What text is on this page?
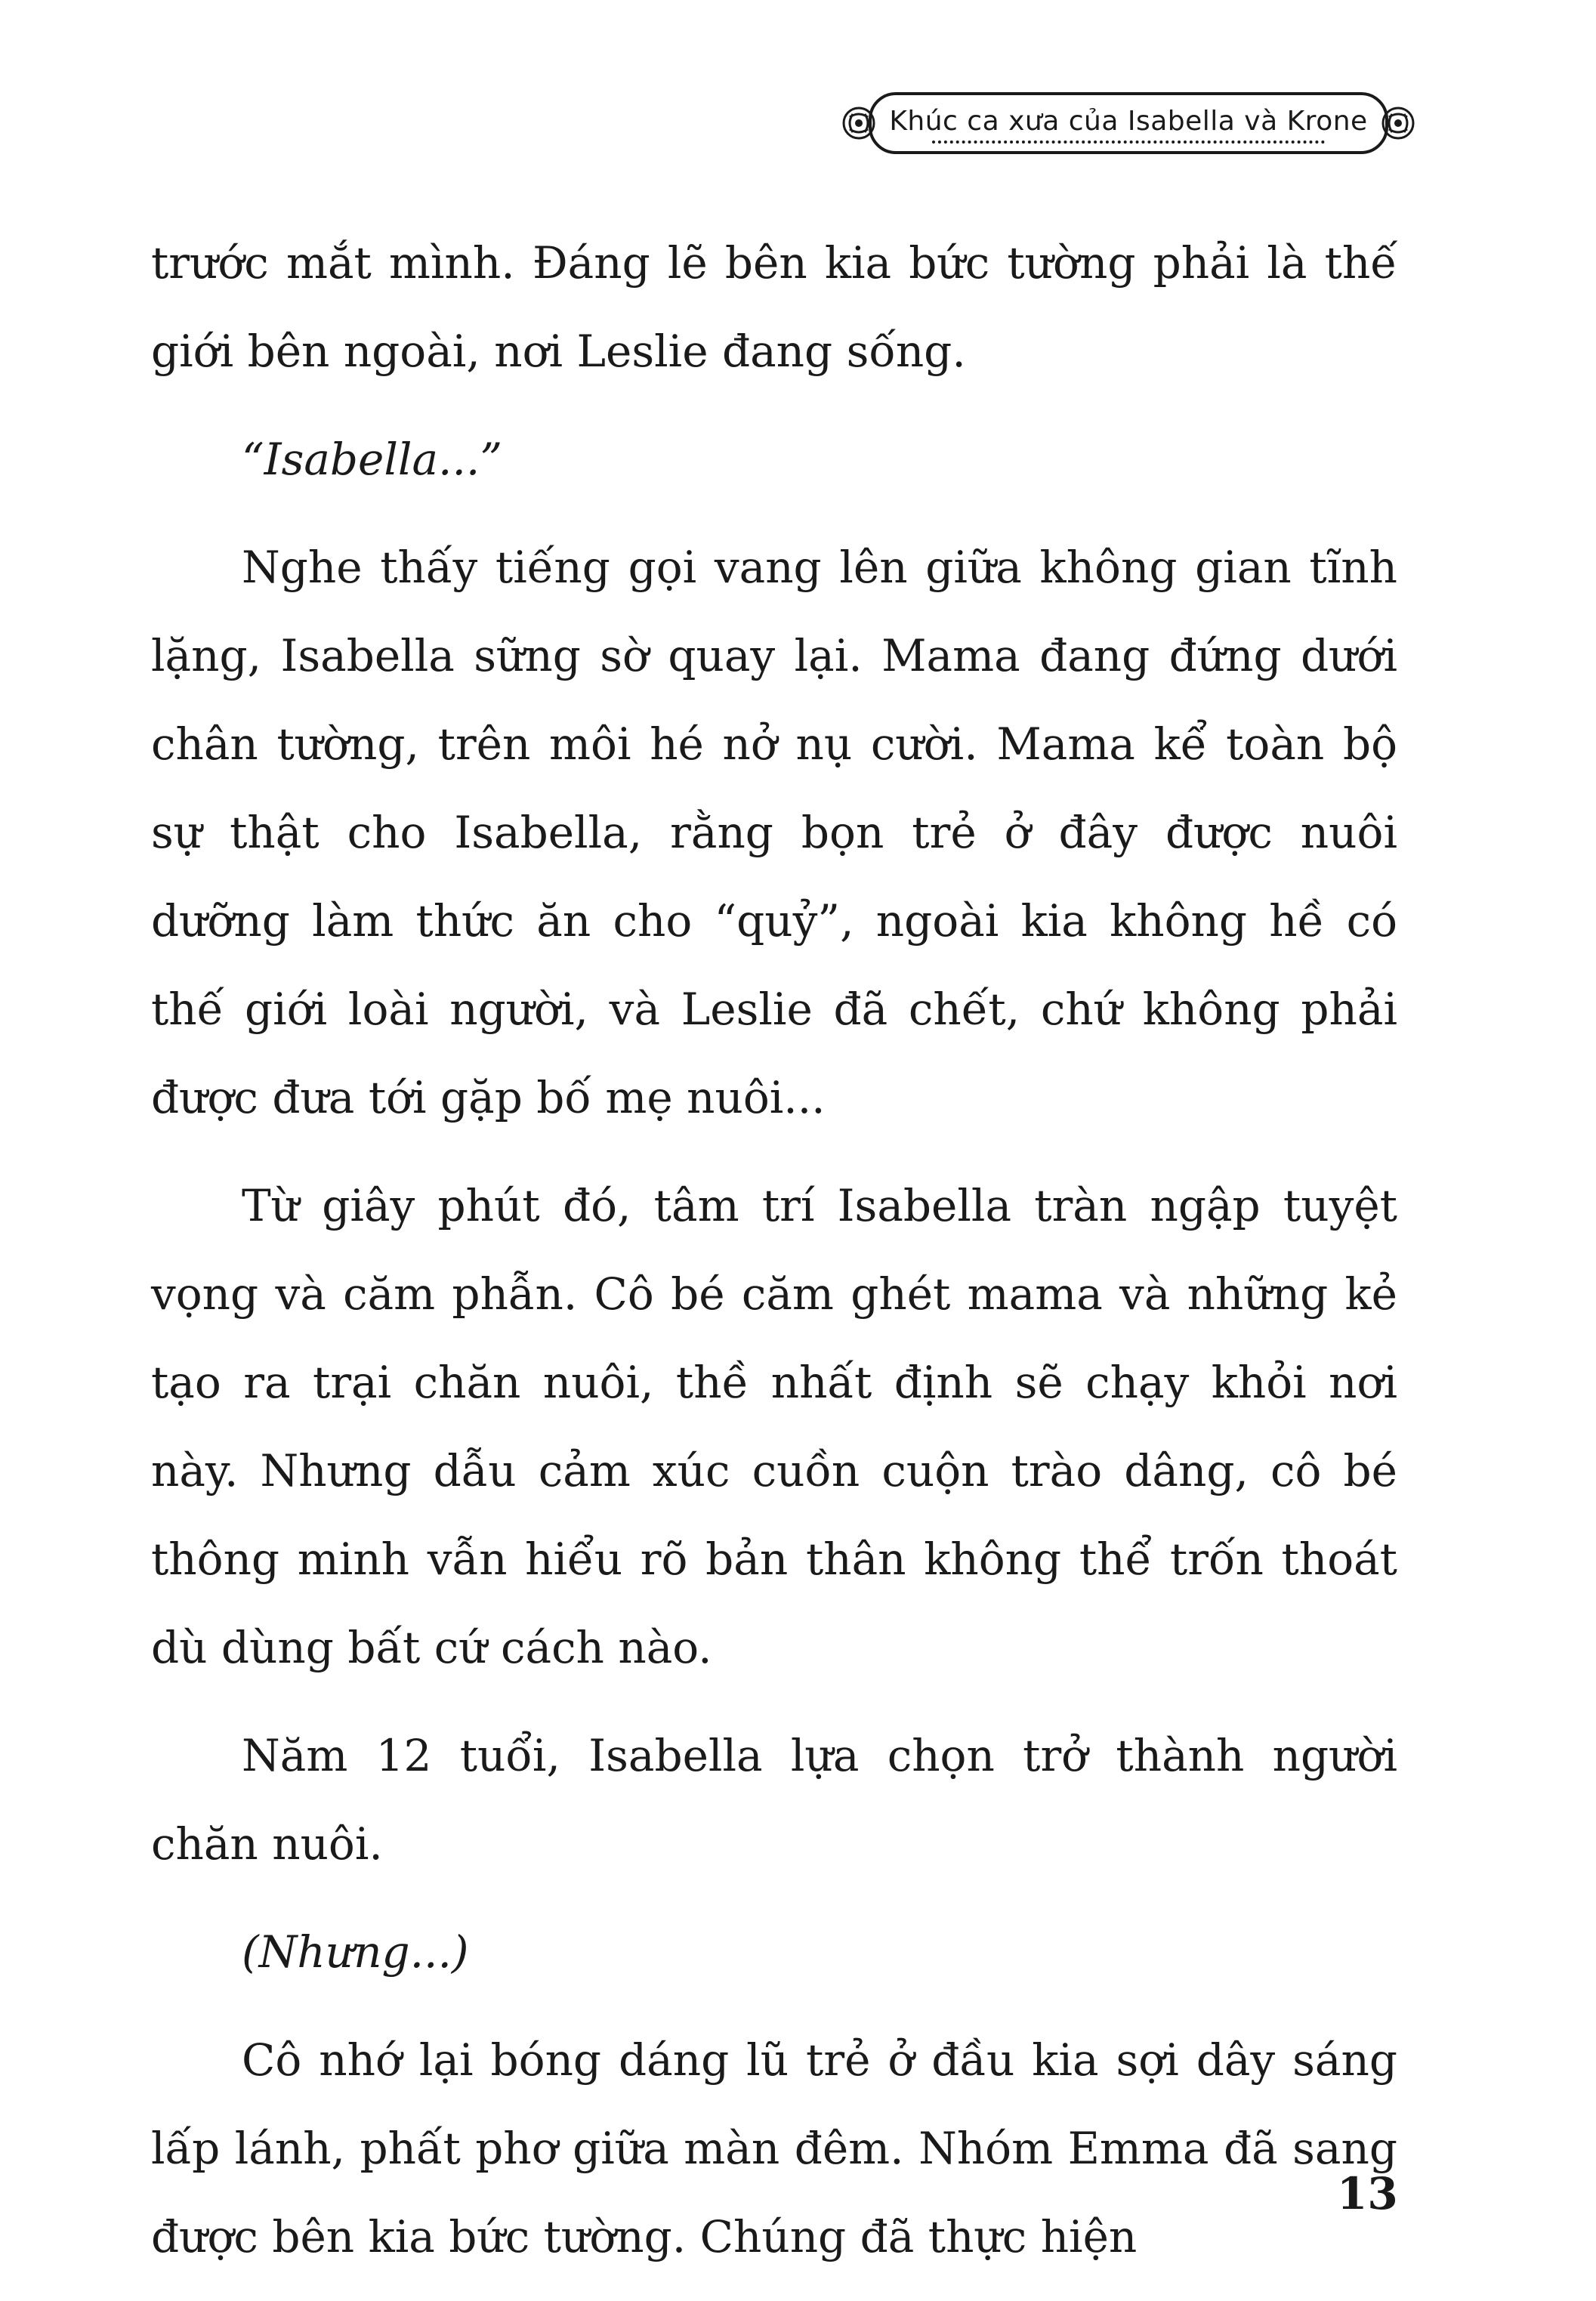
Khúc ca xưa của Isabella và Krone

trước mắt mình. Đáng lẽ bên kia bức tường phải là thế giới bên ngoài, nơi Leslie đang sống.

“Isabella...”

Nghe thấy tiếng gọi vang lên giữa không gian tĩnh lặng, Isabella sững sờ quay lại. Mama đang đứng dưới chân tường, trên môi hé nở nụ cười. Mama kể toàn bộ sự thật cho Isabella, rằng bọn trẻ ở đây được nuôi dưỡng làm thức ăn cho “quỷ”, ngoài kia không hề có thế giới loài người, và Leslie đã chết, chứ không phải được đưa tới gặp bố mẹ nuôi...

Từ giây phút đó, tâm trí Isabella tràn ngập tuyệt vọng và căm phẫn. Cô bé căm ghét mama và những kẻ tạo ra trại chăn nuôi, thề nhất định sẽ chạy khỏi nơi này. Nhưng dẫu cảm xúc cuồn cuộn trào dâng, cô bé thông minh vẫn hiểu rõ bản thân không thể trốn thoát dù dùng bất cứ cách nào.

Năm 12 tuổi, Isabella lựa chọn trở thành người chăn nuôi.

(Nhưng...)

Cô nhớ lại bóng dáng lũ trẻ ở đầu kia sợi dây sáng lấp lánh, phất phơ giữa màn đêm. Nhóm Emma đã sang được bên kia bức tường. Chúng đã thực hiện

13
